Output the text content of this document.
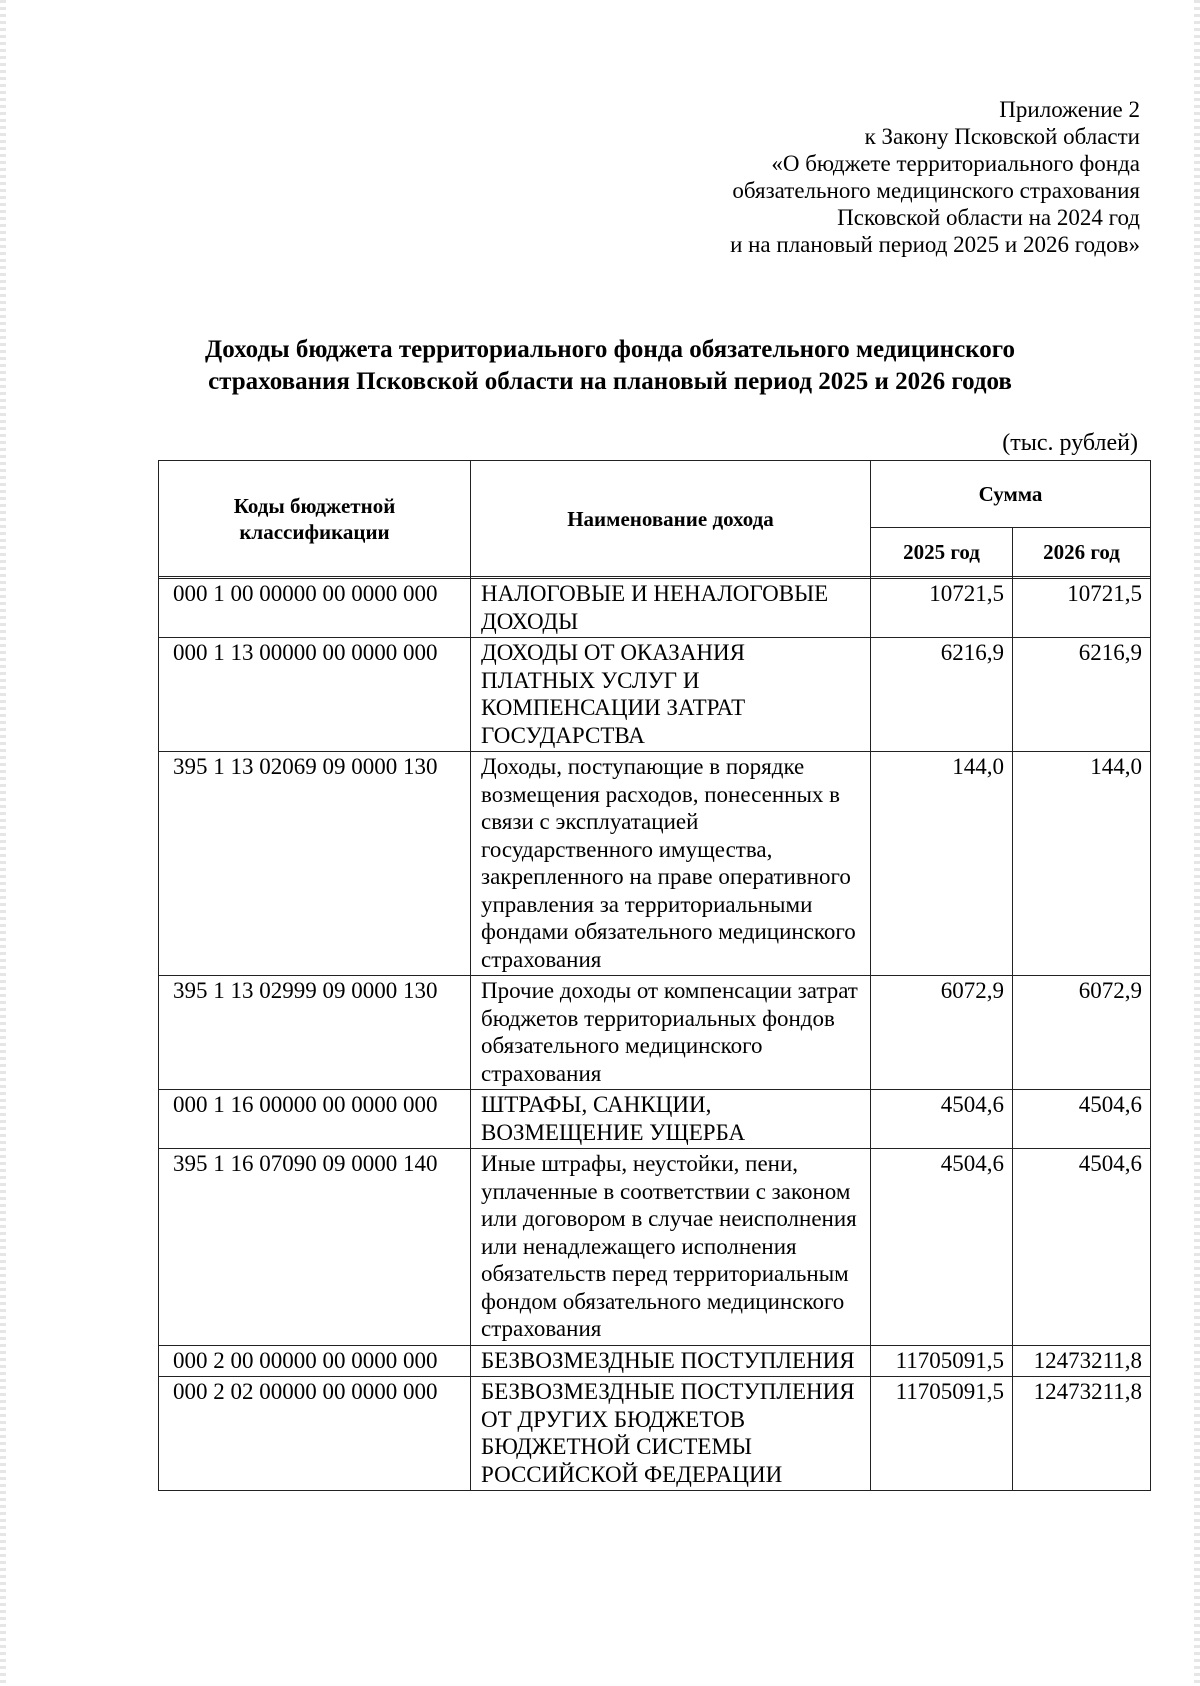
Приложение 2
к Закону Псковской области
«О бюджете территориального фонда
обязательного медицинского страхования
Псковской области на 2024 год
и на плановый период 2025 и 2026 годов»
Доходы бюджета территориального фонда обязательного медицинского
страхования Псковской области на плановый период 2025 и 2026 годов
(тыс. рублей)
Коды бюджетной классификации	Наименование дохода	Сумма	
		2025 год	2026 год

000 1 00 00000 00 0000 000	НАЛОГОВЫЕ И НЕНАЛОГОВЫЕ ДОХОДЫ	10721,5	10721,5
000 1 13 00000 00 0000 000	ДОХОДЫ ОТ ОКАЗАНИЯ ПЛАТНЫХ УСЛУГ И КОМПЕНСАЦИИ ЗАТРАТ ГОСУДАРСТВА	6216,9	6216,9
395 1 13 02069 09 0000 130	Доходы, поступающие в порядке возмещения расходов, понесенных в связи с эксплуатацией государственного имущества, закрепленного на праве оперативного управления за территориальными фондами обязательного медицинского страхования	144,0	144,0
395 1 13 02999 09 0000 130	Прочие доходы от компенсации затрат бюджетов территориальных фондов обязательного медицинского страхования	6072,9	6072,9
000 1 16 00000 00 0000 000	ШТРАФЫ, САНКЦИИ, ВОЗМЕЩЕНИЕ УЩЕРБА	4504,6	4504,6
395 1 16 07090 09 0000 140	Иные штрафы, неустойки, пени, уплаченные в соответствии с законом или договором в случае неисполнения или ненадлежащего исполнения обязательств перед территориальным фондом обязательного медицинского страхования	4504,6	4504,6
000 2 00 00000 00 0000 000	БЕЗВОЗМЕЗДНЫЕ ПОСТУПЛЕНИЯ	11705091,5	12473211,8
000 2 02 00000 00 0000 000	БЕЗВОЗМЕЗДНЫЕ ПОСТУПЛЕНИЯ ОТ ДРУГИХ БЮДЖЕТОВ БЮДЖЕТНОЙ СИСТЕМЫ РОССИЙСКОЙ ФЕДЕРАЦИИ	11705091,5	12473211,8
